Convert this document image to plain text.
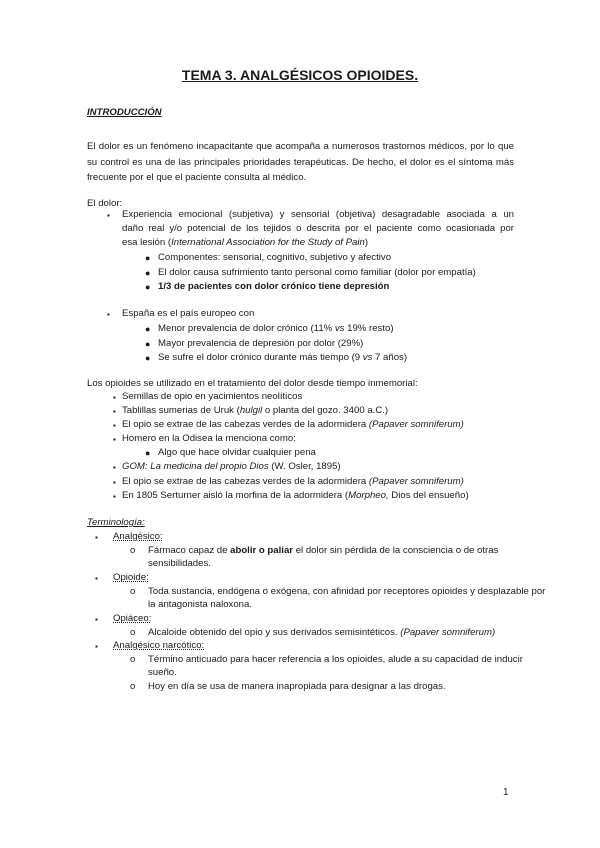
TEMA 3. ANALGÉSICOS OPIOIDES.
INTRODUCCIÓN
El dolor es un fenómeno incapacitante que acompaña a numerosos trastornos médicos, por lo que su control es una de las principales prioridades terapéuticas. De hecho, el dolor es el síntoma más frecuente por el que el paciente consulta al médico.
El dolor:
▪ Experiencia emocional (subjetiva) y sensorial (objetiva) desagradable asociada a un
daño real y/o potencial de los tejidos o descrita por el paciente como ocasionada por
esa lesión (International Association for the Study of Pain)
● Componentes: sensorial, cognitivo, subjetivo y afectivo
● El dolor causa sufrimiento tanto personal como familiar (dolor por empatía)
● 1/3 de pacientes con dolor crónico tiene depresión
▪ España es el país europeo con
● Menor prevalencia de dolor crónico (11% vs 19% resto)
● Mayor prevalencia de depresión por dolor (29%)
● Se sufre el dolor crónico durante más tiempo (9 vs 7 años)
Los opioides se utilizado en el tratamiento del dolor desde tiempo inmemorial:
▪ Semillas de opio en yacimientos neolíticos
▪ Tablillas sumerias de Uruk (hulgil o planta del gozo. 3400 a.C.)
▪ El opio se extrae de las cabezas verdes de la adormidera (Papaver somniferum)
▪ Homero en la Odisea la menciona como:
● Algo que hace olvidar cualquier pena
▪ GOM: La medicina del propio Dios (W. Osler, 1895)
▪ El opio se extrae de las cabezas verdes de la adormidera (Papaver somniferum)
▪ En 1805 Serturner aisló la morfina de la adormidera (Morpheo, Dios del ensueño)
Terminología:
▪ Analgésico:
o Fármaco capaz de abolir o paliar el dolor sin pérdida de la consciencia o de otras
sensibilidades.
▪ Opioide:
o Toda sustancia, endógena o exógena, con afinidad por receptores opioides y desplazable por
la antagonista naloxona.
▪ Opiáceo:
o Alcaloide obtenido del opio y sus derivados semisintéticos. (Papaver somniferum)
▪ Analgésico narcótico:
o Término anticuado para hacer referencia a los opioides, alude a su capacidad de inducir
sueño.
o Hoy en día se usa de manera inapropiada para designar a las drogas.
1
